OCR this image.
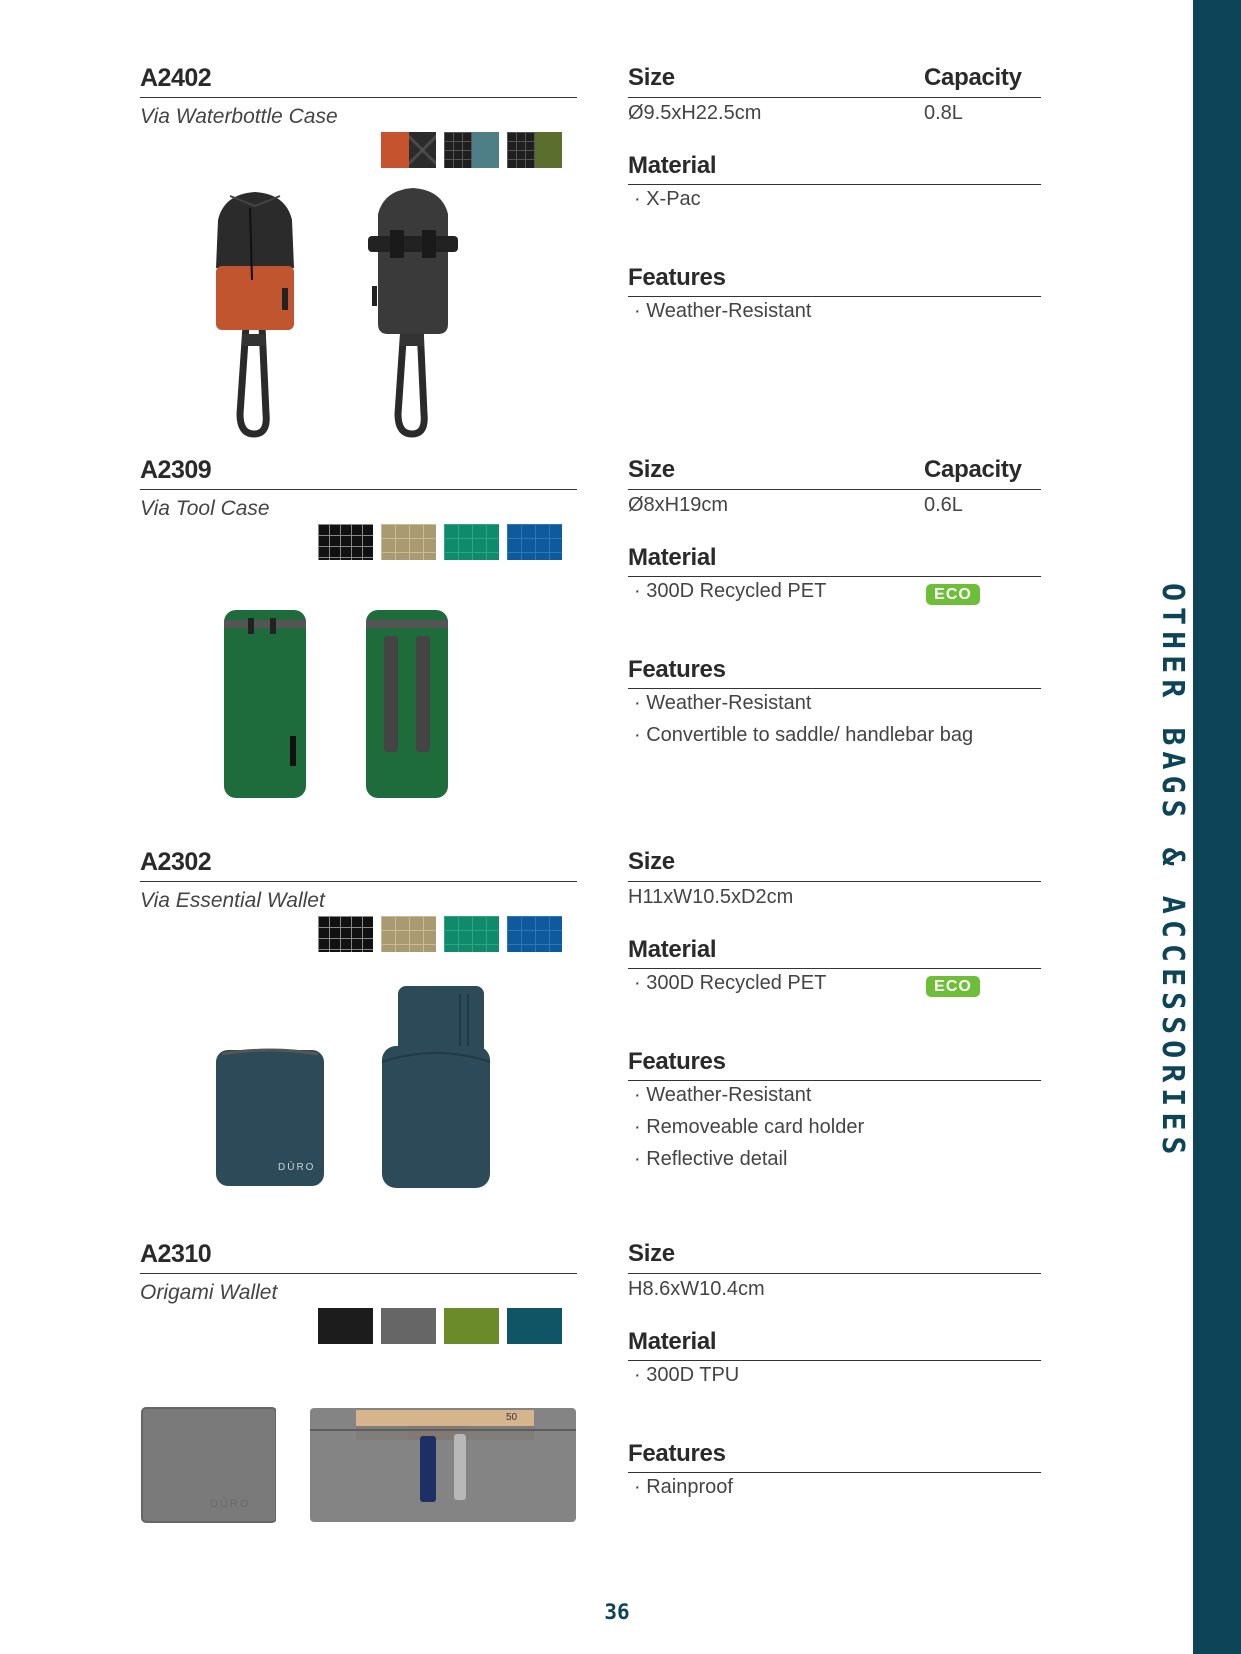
OTHER BAGS & ACCESSORIES
A2402
Via Waterbottle Case
Size	Capacity
Ø9.5xH22.5cm	0.8L
Material
· X-Pac
Features
· Weather-Resistant
A2309
Via Tool Case
Size	Capacity
Ø8xH19cm	0.6L
Material
· 300D Recycled PET	ECO
Features
· Weather-Resistant
· Convertible to saddle/ handlebar bag
A2302
Via Essential Wallet
DŪRO
Size
H11xW10.5xD2cm
Material
· 300D Recycled PET	ECO
Features
· Weather-Resistant
· Removeable card holder
· Reflective detail
A2310
Origami Wallet
DŪRO
50
Size
H8.6xW10.4cm
Material
· 300D TPU
Features
· Rainproof
36
